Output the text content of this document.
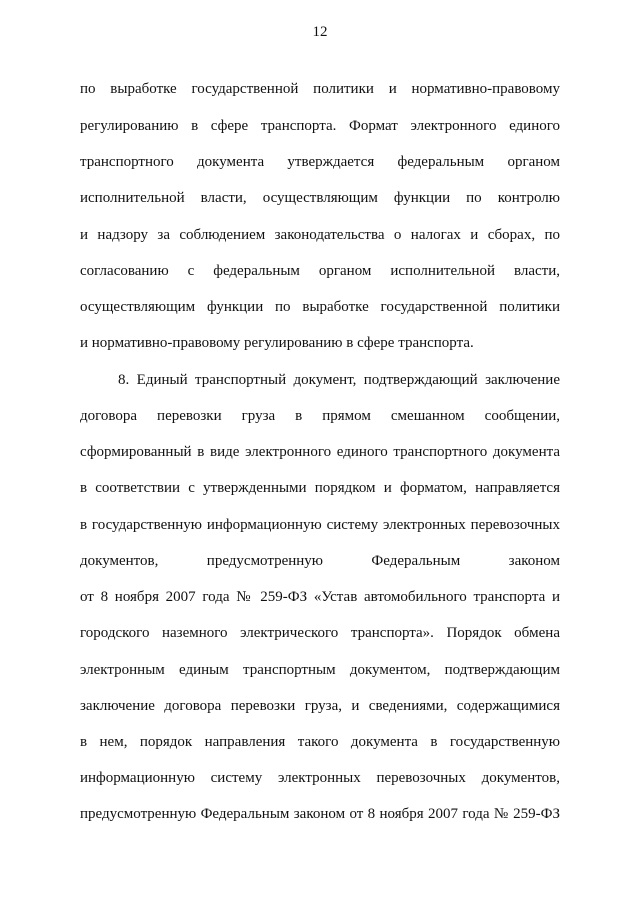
12
по выработке государственной политики и нормативно-правовому
регулированию в сфере транспорта. Формат электронного единого
транспортного документа утверждается федеральным органом
исполнительной власти, осуществляющим функции по контролю
и надзору за соблюдением законодательства о налогах и сборах, по
согласованию с федеральным органом исполнительной власти,
осуществляющим функции по выработке государственной политики
и нормативно-правовому регулированию в сфере транспорта.
8. Единый транспортный документ, подтверждающий заключение
договора перевозки груза в прямом смешанном сообщении,
сформированный в виде электронного единого транспортного документа
в соответствии с утвержденными порядком и форматом, направляется
в государственную информационную систему электронных перевозочных
документов, предусмотренную Федеральным законом
от 8 ноября 2007 года № 259-ФЗ «Устав автомобильного транспорта и
городского наземного электрического транспорта». Порядок обмена
электронным единым транспортным документом, подтверждающим
заключение договора перевозки груза, и сведениями, содержащимися
в нем, порядок направления такого документа в государственную
информационную систему электронных перевозочных документов,
предусмотренную Федеральным законом от 8 ноября 2007 года № 259-ФЗ
